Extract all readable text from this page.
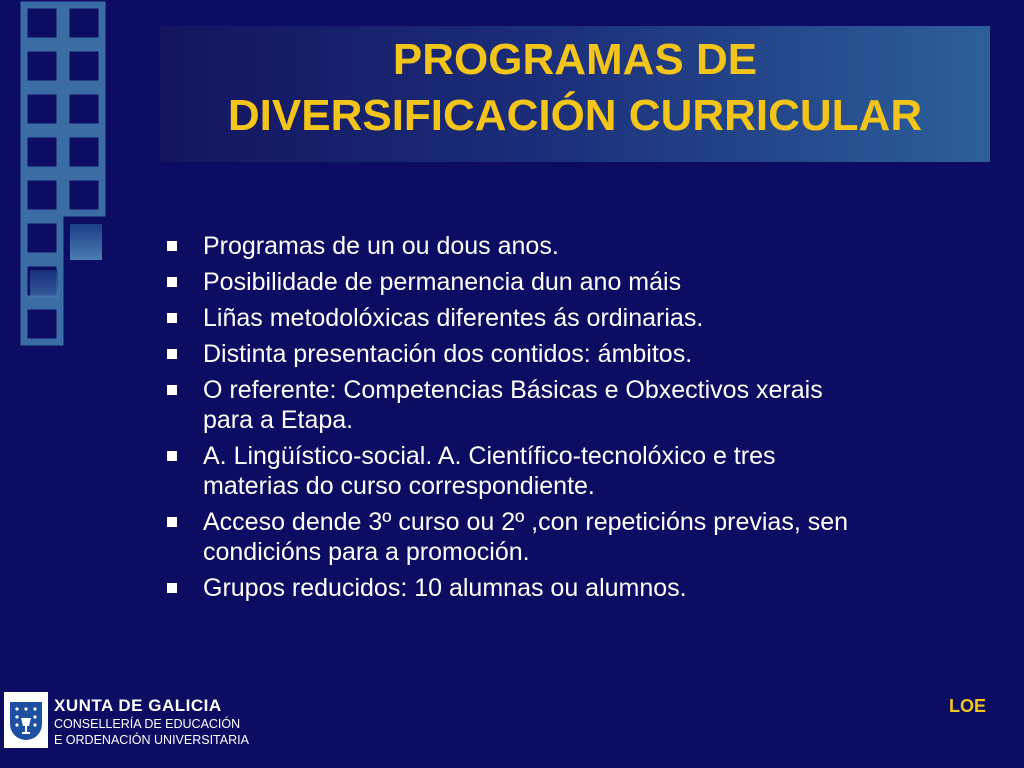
PROGRAMAS DE
DIVERSIFICACIÓN CURRICULAR
Programas de un ou dous anos.
Posibilidade de permanencia dun ano máis
Liñas metodolóxicas diferentes ás ordinarias.
Distinta presentación dos contidos: ámbitos.
O referente: Competencias Básicas e Obxectivos xerais
para a Etapa.
A. Lingüístico-social. A. Científico-tecnolóxico e tres
materias do curso correspondiente.
Acceso dende 3º curso ou 2º ,con repeticións previas, sen
condicións para a promoción.
Grupos reducidos: 10 alumnas ou alumnos.
XUNTA DE GALICIA
CONSELLERÍA DE EDUCACIÓN
E ORDENACIÓN UNIVERSITARIA
LOE
